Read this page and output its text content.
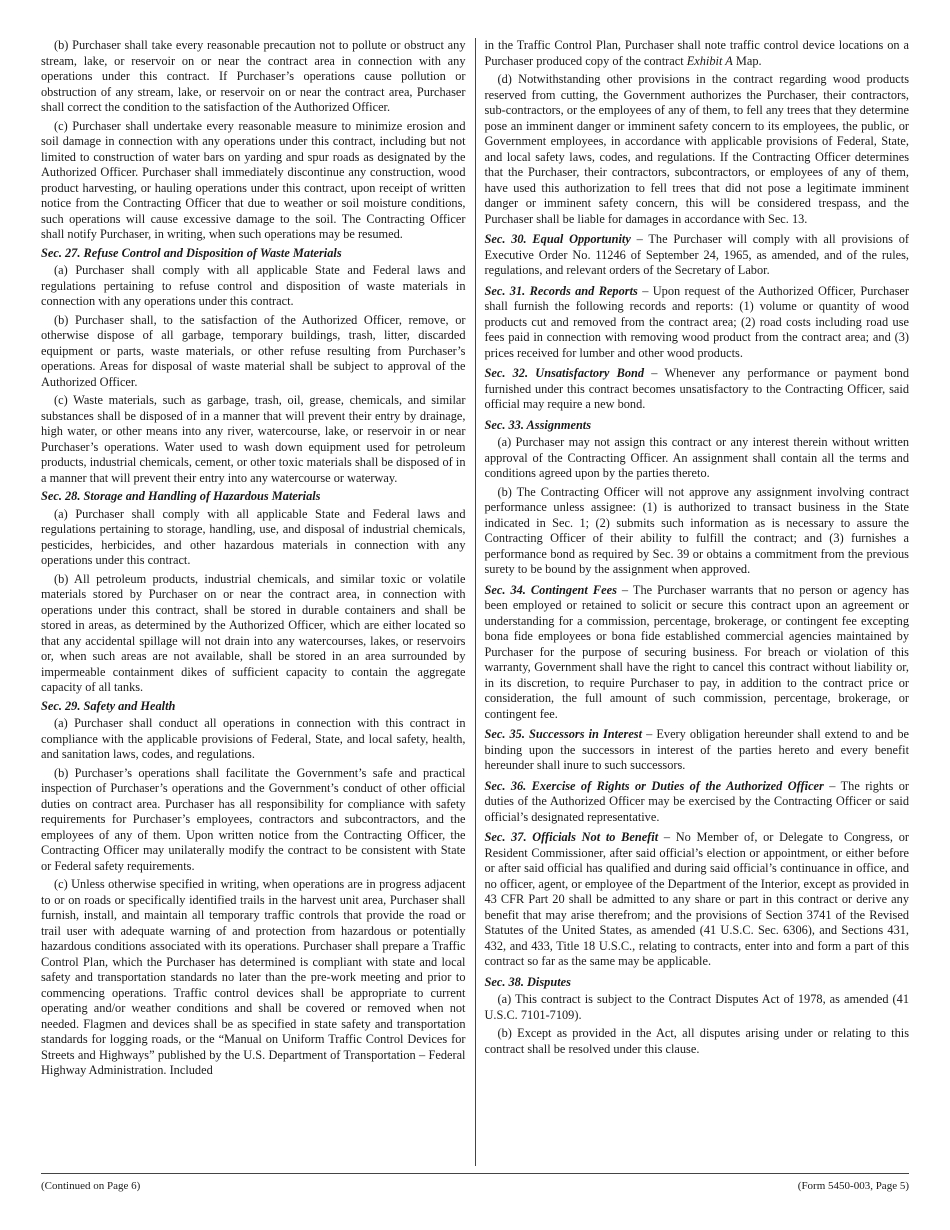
(b) Purchaser shall take every reasonable precaution not to pollute or obstruct any stream, lake, or reservoir on or near the contract area in connection with any operations under this contract. If Purchaser’s operations cause pollution or obstruction of any stream, lake, or reservoir on or near the contract area, Purchaser shall correct the condition to the satisfaction of the Authorized Officer.

(c) Purchaser shall undertake every reasonable measure to minimize erosion and soil damage in connection with any operations under this contract, including but not limited to construction of water bars on yarding and spur roads as designated by the Authorized Officer. Purchaser shall immediately discontinue any construction, wood product harvesting, or hauling operations under this contract, upon receipt of written notice from the Contracting Officer that due to weather or soil moisture conditions, such operations will cause excessive damage to the soil. The Contracting Officer shall notify Purchaser, in writing, when such operations may be resumed.

Sec. 27. Refuse Control and Disposition of Waste Materials

(a) Purchaser shall comply with all applicable State and Federal laws and regulations pertaining to refuse control and disposition of waste materials in connection with any operations under this contract.

(b) Purchaser shall, to the satisfaction of the Authorized Officer, remove, or otherwise dispose of all garbage, temporary buildings, trash, litter, discarded equipment or parts, waste materials, or other refuse resulting from Purchaser’s operations. Areas for disposal of waste material shall be subject to approval of the Authorized Officer.

(c) Waste materials, such as garbage, trash, oil, grease, chemicals, and similar substances shall be disposed of in a manner that will prevent their entry by drainage, high water, or other means into any river, watercourse, lake, or reservoir in or near Purchaser’s operations. Water used to wash down equipment used for petroleum products, industrial chemicals, cement, or other toxic materials shall be disposed of in a manner that will prevent their entry into any watercourse or waterway.

Sec. 28. Storage and Handling of Hazardous Materials

(a) Purchaser shall comply with all applicable State and Federal laws and regulations pertaining to storage, handling, use, and disposal of industrial chemicals, pesticides, herbicides, and other hazardous materials in connection with any operations under this contract.

(b) All petroleum products, industrial chemicals, and similar toxic or volatile materials stored by Purchaser on or near the contract area, in connection with operations under this contract, shall be stored in durable containers and shall be stored in areas, as determined by the Authorized Officer, which are either located so that any accidental spillage will not drain into any watercourses, lakes, or reservoirs or, when such areas are not available, shall be stored in an area surrounded by impermeable containment dikes of sufficient capacity to contain the aggregate capacity of all tanks.

Sec. 29. Safety and Health

(a) Purchaser shall conduct all operations in connection with this contract in compliance with the applicable provisions of Federal, State, and local safety, health, and sanitation laws, codes, and regulations.

(b) Purchaser’s operations shall facilitate the Government’s safe and practical inspection of Purchaser’s operations and the Government’s conduct of other official duties on contract area. Purchaser has all responsibility for compliance with safety requirements for Purchaser’s employees, contractors and subcontractors, and the employees of any of them. Upon written notice from the Contracting Officer, the Contracting Officer may unilaterally modify the contract to be consistent with State or Federal safety requirements.

(c) Unless otherwise specified in writing, when operations are in progress adjacent to or on roads or specifically identified trails in the harvest unit area, Purchaser shall furnish, install, and maintain all temporary traffic controls that provide the road or trail user with adequate warning of and protection from hazardous or potentially hazardous conditions associated with its operations. Purchaser shall prepare a Traffic Control Plan, which the Purchaser has determined is compliant with state and local safety and transportation standards no later than the pre-work meeting and prior to commencing operations. Traffic control devices shall be appropriate to current operating and/or weather conditions and shall be covered or removed when not needed. Flagmen and devices shall be as specified in state safety and transportation standards for logging roads, or the “Manual on Uniform Traffic Control Devices for Streets and Highways” published by the U.S. Department of Transportation – Federal Highway Administration. Included

in the Traffic Control Plan, Purchaser shall note traffic control device locations on a Purchaser produced copy of the contract Exhibit A Map.

(d) Notwithstanding other provisions in the contract regarding wood products reserved from cutting, the Government authorizes the Purchaser, their contractors, sub-contractors, or the employees of any of them, to fell any trees that they determine pose an imminent danger or imminent safety concern to its employees, the public, or Government employees, in accordance with applicable provisions of Federal, State, and local safety laws, codes, and regulations. If the Contracting Officer determines that the Purchaser, their contractors, subcontractors, or employees of any of them, have used this authorization to fell trees that did not pose a legitimate imminent danger or imminent safety concern, this will be considered trespass, and the Purchaser shall be liable for damages in accordance with Sec. 13.

Sec. 30. Equal Opportunity – The Purchaser will comply with all provisions of Executive Order No. 11246 of September 24, 1965, as amended, and of the rules, regulations, and relevant orders of the Secretary of Labor.

Sec. 31. Records and Reports – Upon request of the Authorized Officer, Purchaser shall furnish the following records and reports: (1) volume or quantity of wood products cut and removed from the contract area; (2) road costs including road use fees paid in connection with removing wood product from the contract area; and (3) prices received for lumber and other wood products.

Sec. 32. Unsatisfactory Bond – Whenever any performance or payment bond furnished under this contract becomes unsatisfactory to the Contracting Officer, said official may require a new bond.

Sec. 33. Assignments

(a) Purchaser may not assign this contract or any interest therein without written approval of the Contracting Officer. An assignment shall contain all the terms and conditions agreed upon by the parties thereto.

(b) The Contracting Officer will not approve any assignment involving contract performance unless assignee: (1) is authorized to transact business in the State indicated in Sec. 1; (2) submits such information as is necessary to assure the Contracting Officer of their ability to fulfill the contract; and (3) furnishes a performance bond as required by Sec. 39 or obtains a commitment from the previous surety to be bound by the assignment when approved.

Sec. 34. Contingent Fees – The Purchaser warrants that no person or agency has been employed or retained to solicit or secure this contract upon an agreement or understanding for a commission, percentage, brokerage, or contingent fee excepting bona fide employees or bona fide established commercial agencies maintained by Purchaser for the purpose of securing business. For breach or violation of this warranty, Government shall have the right to cancel this contract without liability or, in its discretion, to require Purchaser to pay, in addition to the contract price or consideration, the full amount of such commission, percentage, brokerage, or contingent fee.

Sec. 35. Successors in Interest – Every obligation hereunder shall extend to and be binding upon the successors in interest of the parties hereto and every benefit hereunder shall inure to such successors.

Sec. 36. Exercise of Rights or Duties of the Authorized Officer – The rights or duties of the Authorized Officer may be exercised by the Contracting Officer or said official’s designated representative.

Sec. 37. Officials Not to Benefit – No Member of, or Delegate to Congress, or Resident Commissioner, after said official’s election or appointment, or either before or after said official has qualified and during said official’s continuance in office, and no officer, agent, or employee of the Department of the Interior, except as provided in 43 CFR Part 20 shall be admitted to any share or part in this contract or derive any benefit that may arise therefrom; and the provisions of Section 3741 of the Revised Statutes of the United States, as amended (41 U.S.C. Sec. 6306), and Sections 431, 432, and 433, Title 18 U.S.C., relating to contracts, enter into and form a part of this contract so far as the same may be applicable.

Sec. 38. Disputes

(a) This contract is subject to the Contract Disputes Act of 1978, as amended (41 U.S.C. 7101-7109).

(b) Except as provided in the Act, all disputes arising under or relating to this contract shall be resolved under this clause.

(Continued on Page 6)	(Form 5450-003, Page 5)
